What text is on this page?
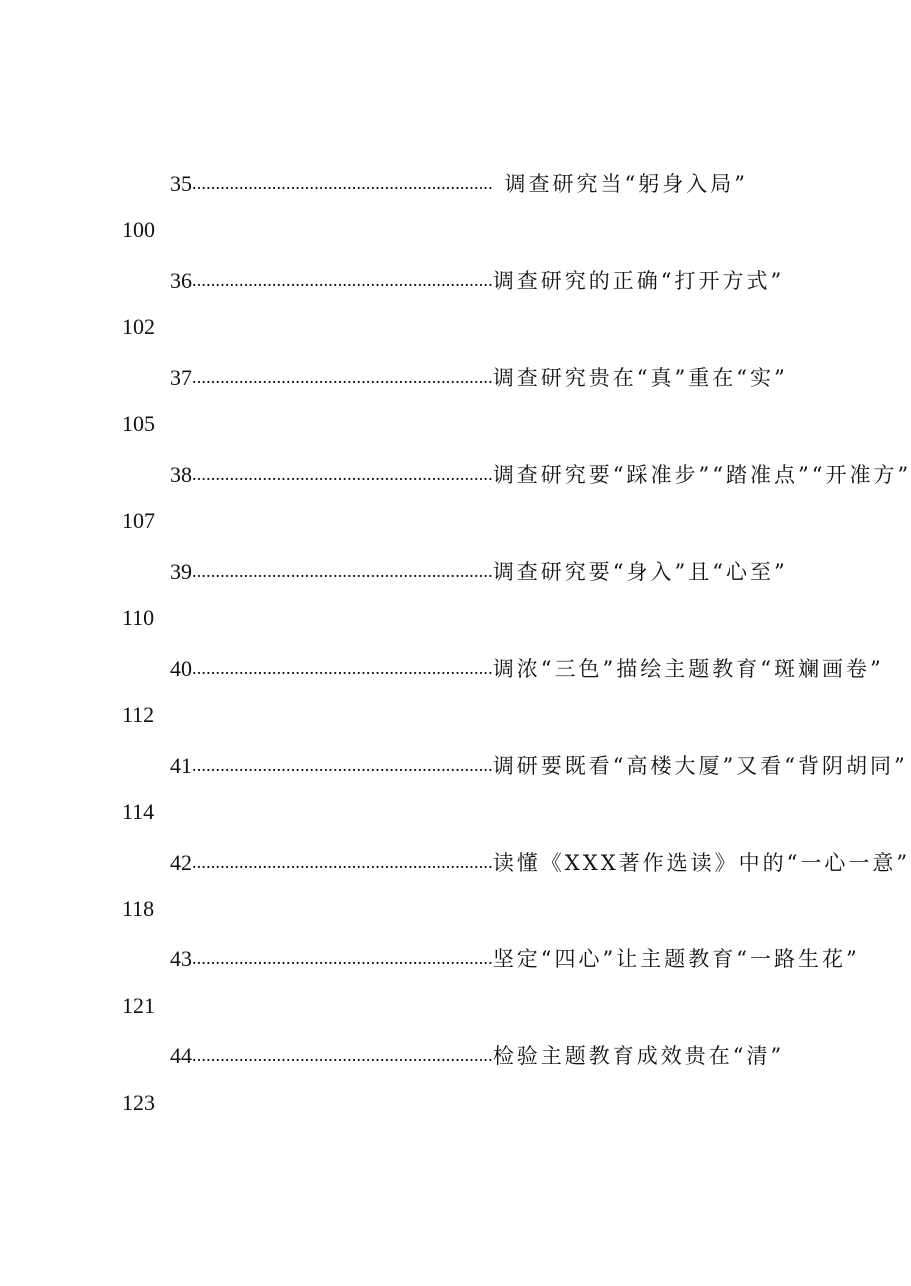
35 ................................................................ 调查研究当“躬身入局”
100
36 ................................................................ 调查研究的正确“打开方式”
102
37 ................................................................ 调查研究贵在“真”重在“实”
105
38 ................................................................ 调查研究要“踩准步”“踏准点”“开准方”
107
39 ................................................................ 调查研究要“身入”且“心至”
110
40 ................................................................ 调浓“三色”描绘主题教育“斑斓画卷”
112
41 ................................................................ 调研要既看“高楼大厦”又看“背阴胡同”
114
42 ................................................................ 读懂《XXX著作选读》中的“一心一意”
118
43 ................................................................ 坚定“四心”让主题教育“一路生花”
121
44 ................................................................ 检验主题教育成效贵在“清”
123
